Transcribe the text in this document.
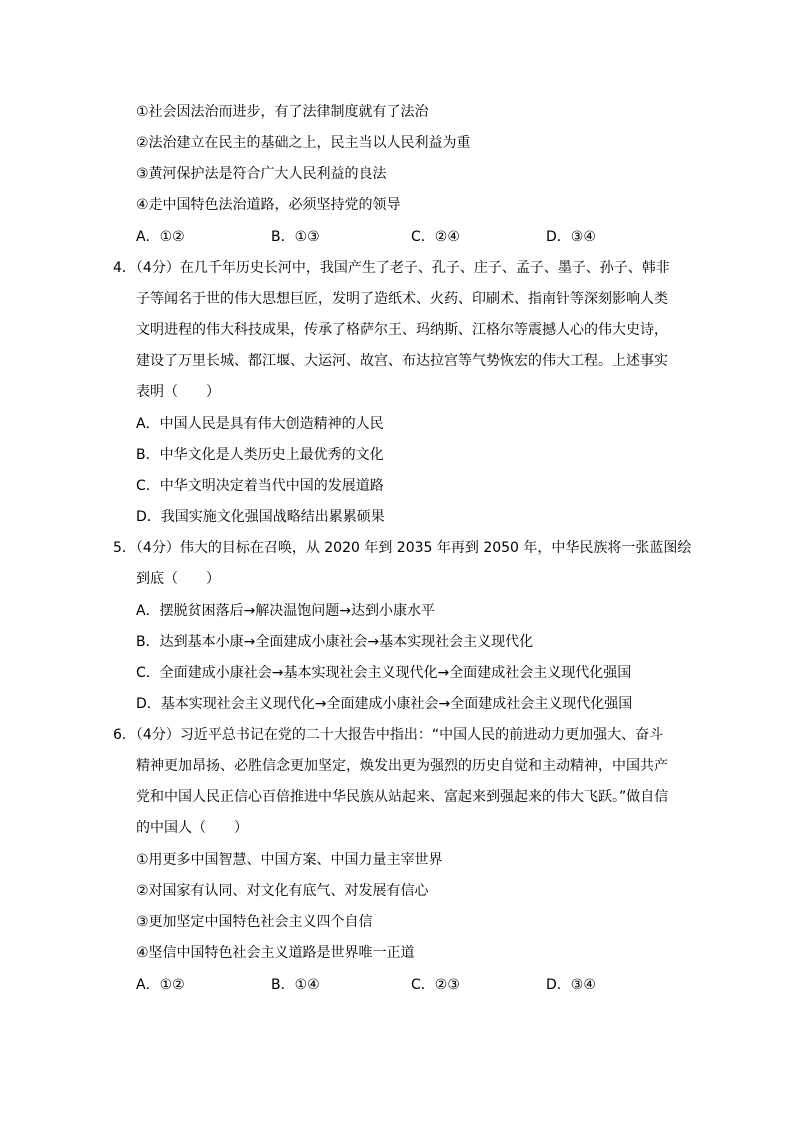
①社会因法治而进步，有了法律制度就有了法治
②法治建立在民主的基础之上，民主当以人民利益为重
③黄河保护法是符合广大人民利益的良法
④走中国特色法治道路，必须坚持党的领导
A．①②	B．①③	C．②④	D．③④
4．（4分）在几千年历史长河中，我国产生了老子、孔子、庄子、孟子、墨子、孙子、韩非
子等闻名于世的伟大思想巨匠，发明了造纸术、火药、印刷术、指南针等深刻影响人类
文明进程的伟大科技成果，传承了格萨尔王、玛纳斯、江格尔等震撼人心的伟大史诗，
建设了万里长城、都江堰、大运河、故宫、布达拉宫等气势恢宏的伟大工程。上述事实
表明（　　）
A．中国人民是具有伟大创造精神的人民
B．中华文化是人类历史上最优秀的文化
C．中华文明决定着当代中国的发展道路
D．我国实施文化强国战略结出累累硕果
5．（4分）伟大的目标在召唤，从 2020 年到 2035 年再到 2050 年，中华民族将一张蓝图绘
到底（　　）
A．摆脱贫困落后→解决温饱问题→达到小康水平
B．达到基本小康→全面建成小康社会→基本实现社会主义现代化
C．全面建成小康社会→基本实现社会主义现代化→全面建成社会主义现代化强国
D．基本实现社会主义现代化→全面建成小康社会→全面建成社会主义现代化强国
6．（4分）习近平总书记在党的二十大报告中指出：“中国人民的前进动力更加强大、奋斗
精神更加昂扬、必胜信念更加坚定，焕发出更为强烈的历史自觉和主动精神，中国共产
党和中国人民正信心百倍推进中华民族从站起来、富起来到强起来的伟大飞跃。”做自信
的中国人（　　）
①用更多中国智慧、中国方案、中国力量主宰世界
②对国家有认同、对文化有底气、对发展有信心
③更加坚定中国特色社会主义四个自信
④坚信中国特色社会主义道路是世界唯一正道
A．①②	B．①④	C．②③	D．③④
